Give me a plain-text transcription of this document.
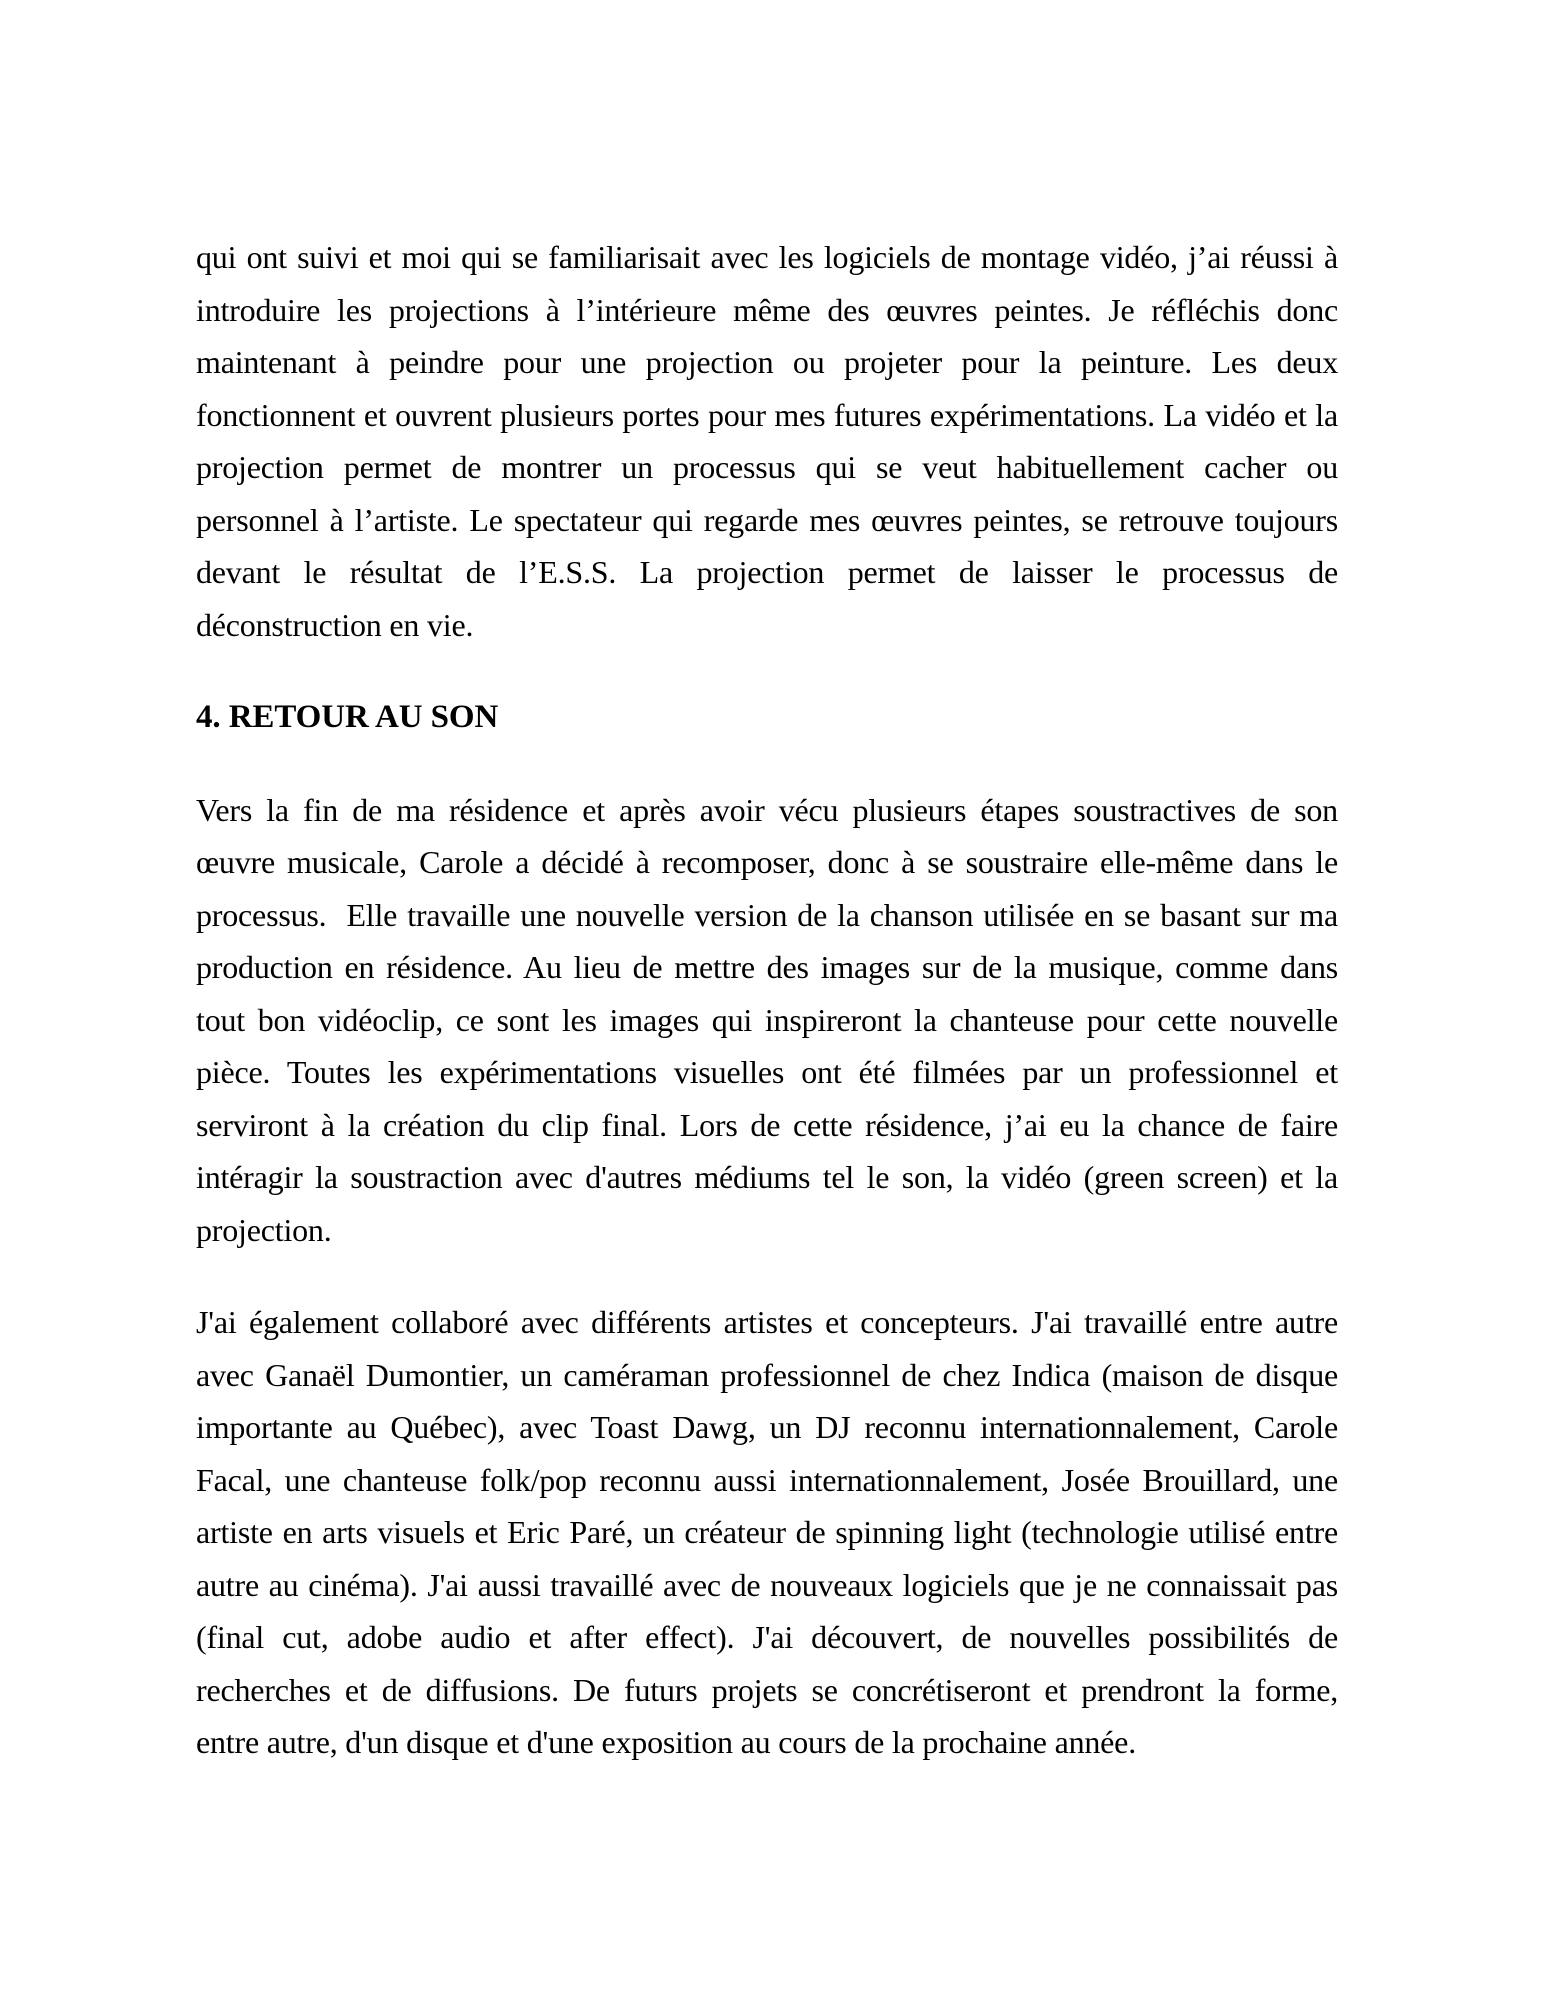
qui ont suivi et moi qui se familiarisait avec les logiciels de montage vidéo, j’ai réussi à
introduire les projections à l’intérieure même des œuvres peintes. Je réfléchis donc
maintenant à peindre pour une projection ou projeter pour la peinture. Les deux
fonctionnent et ouvrent plusieurs portes pour mes futures expérimentations. La vidéo et la
projection permet de montrer un processus qui se veut habituellement cacher ou
personnel à l’artiste. Le spectateur qui regarde mes œuvres peintes, se retrouve toujours
devant le résultat de l’E.S.S. La projection permet de laisser le processus de
déconstruction en vie.

4. RETOUR AU SON

Vers la fin de ma résidence et après avoir vécu plusieurs étapes soustractives de son
œuvre musicale, Carole a décidé à recomposer, donc à se soustraire elle-même dans le
processus.  Elle travaille une nouvelle version de la chanson utilisée en se basant sur ma
production en résidence. Au lieu de mettre des images sur de la musique, comme dans
tout bon vidéoclip, ce sont les images qui inspireront la chanteuse pour cette nouvelle
pièce. Toutes les expérimentations visuelles ont été filmées par un professionnel et
serviront à la création du clip final. Lors de cette résidence, j’ai eu la chance de faire
intéragir la soustraction avec d'autres médiums tel le son, la vidéo (green screen) et la
projection.

J'ai également collaboré avec différents artistes et concepteurs. J'ai travaillé entre autre
avec Ganaël Dumontier, un caméraman professionnel de chez Indica (maison de disque
importante au Québec), avec Toast Dawg, un DJ reconnu internationnalement, Carole
Facal, une chanteuse folk/pop reconnu aussi internationnalement, Josée Brouillard, une
artiste en arts visuels et Eric Paré, un créateur de spinning light (technologie utilisé entre
autre au cinéma). J'ai aussi travaillé avec de nouveaux logiciels que je ne connaissait pas
(final cut, adobe audio et after effect). J'ai découvert, de nouvelles possibilités de
recherches et de diffusions. De futurs projets se concrétiseront et prendront la forme,
entre autre, d'un disque et d'une exposition au cours de la prochaine année.
